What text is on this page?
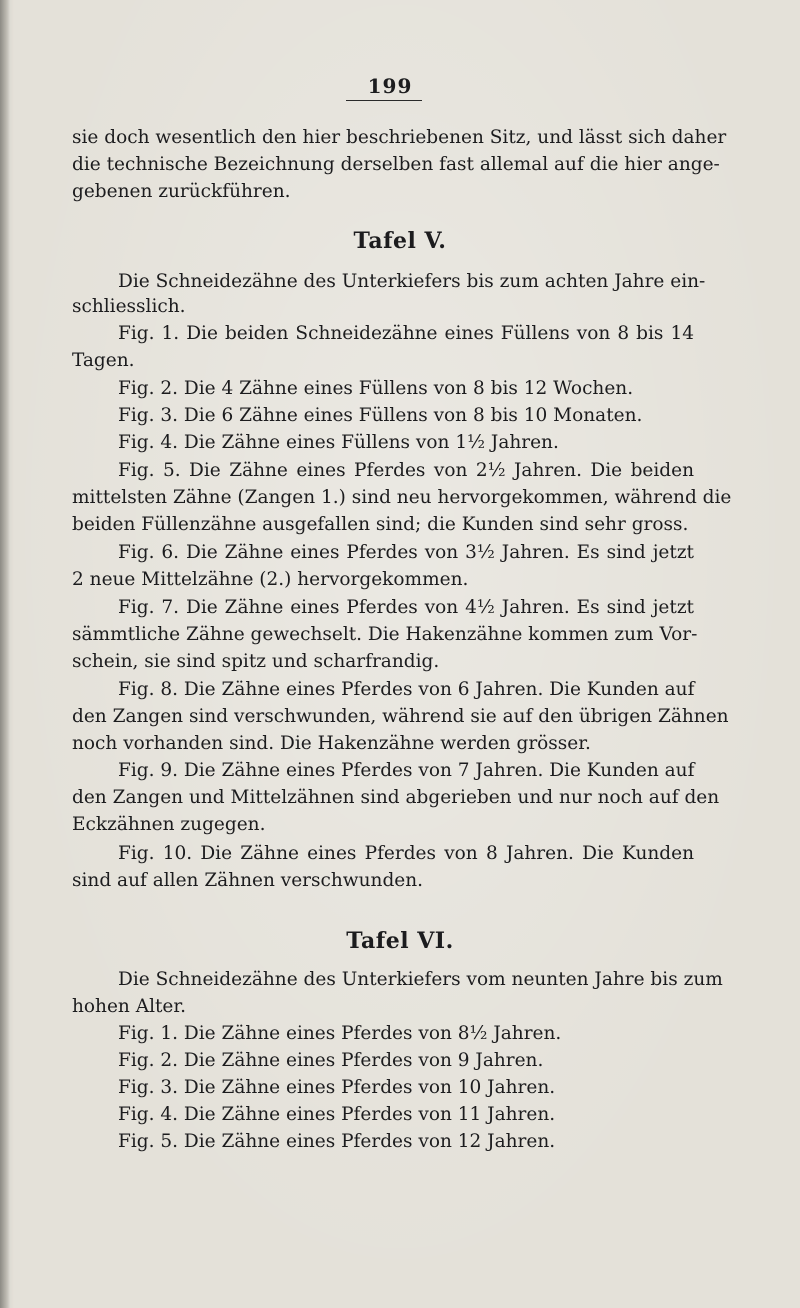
199
sie doch wesentlich den hier beschriebenen Sitz, und lässt sich daher
die technische Bezeichnung derselben fast allemal auf die hier ange-
gebenen zurückführen.
Tafel V.
Die Schneidezähne des Unterkiefers bis zum achten Jahre ein-
schliesslich.
Fig. 1. Die beiden Schneidezähne eines Füllens von 8 bis 14
Tagen.
Fig. 2. Die 4 Zähne eines Füllens von 8 bis 12 Wochen.
Fig. 3. Die 6 Zähne eines Füllens von 8 bis 10 Monaten.
Fig. 4. Die Zähne eines Füllens von 1½ Jahren.
Fig. 5. Die Zähne eines Pferdes von 2½ Jahren. Die beiden
mittelsten Zähne (Zangen 1.) sind neu hervorgekommen, während die
beiden Füllenzähne ausgefallen sind; die Kunden sind sehr gross.
Fig. 6. Die Zähne eines Pferdes von 3½ Jahren. Es sind jetzt
2 neue Mittelzähne (2.) hervorgekommen.
Fig. 7. Die Zähne eines Pferdes von 4½ Jahren. Es sind jetzt
sämmtliche Zähne gewechselt. Die Hakenzähne kommen zum Vor-
schein, sie sind spitz und scharfrandig.
Fig. 8. Die Zähne eines Pferdes von 6 Jahren. Die Kunden auf
den Zangen sind verschwunden, während sie auf den übrigen Zähnen
noch vorhanden sind. Die Hakenzähne werden grösser.
Fig. 9. Die Zähne eines Pferdes von 7 Jahren. Die Kunden auf
den Zangen und Mittelzähnen sind abgerieben und nur noch auf den
Eckzähnen zugegen.
Fig. 10. Die Zähne eines Pferdes von 8 Jahren. Die Kunden
sind auf allen Zähnen verschwunden.
Tafel VI.
Die Schneidezähne des Unterkiefers vom neunten Jahre bis zum
hohen Alter.
Fig. 1. Die Zähne eines Pferdes von 8½ Jahren.
Fig. 2. Die Zähne eines Pferdes von 9 Jahren.
Fig. 3. Die Zähne eines Pferdes von 10 Jahren.
Fig. 4. Die Zähne eines Pferdes von 11 Jahren.
Fig. 5. Die Zähne eines Pferdes von 12 Jahren.
